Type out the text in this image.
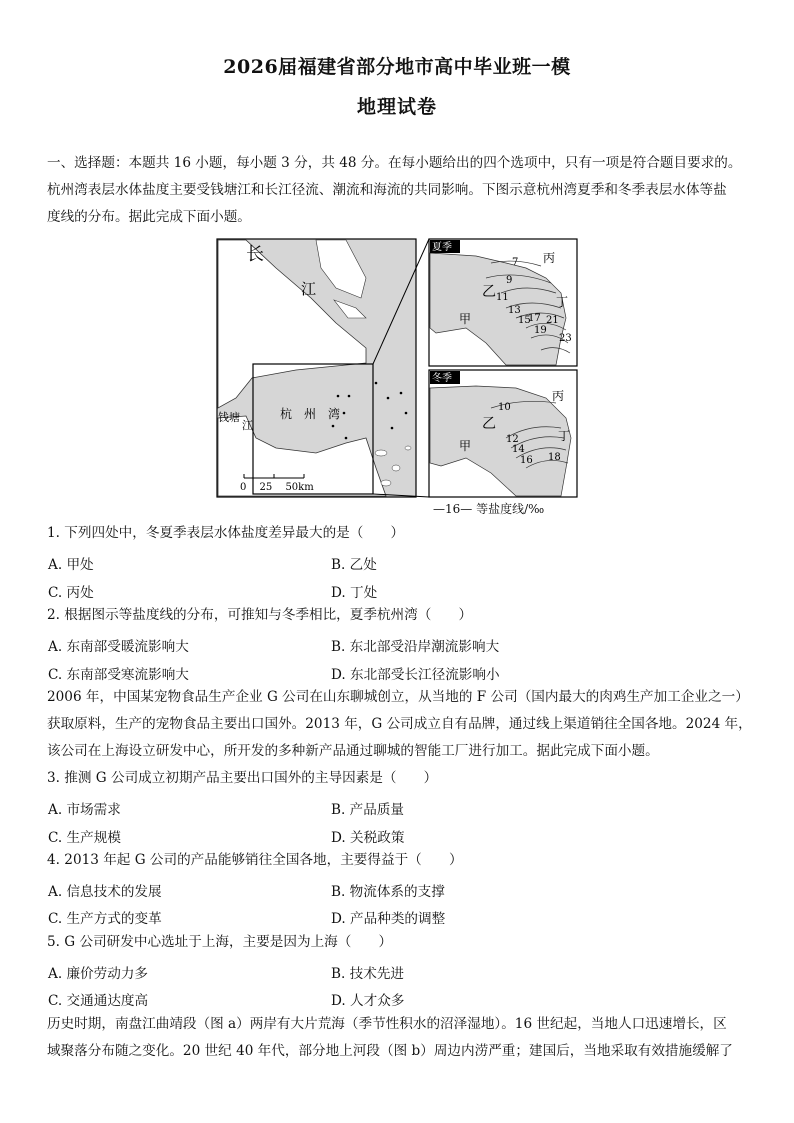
2026届福建省部分地市高中毕业班一模
地理试卷
一、选择题：本题共 16 小题，每小题 3 分，共 48 分。在每小题给出的四个选项中，只有一项是符合题目要求的。
杭州湾表层水体盐度主要受钱塘江和长江径流、潮流和海流的共同影响。下图示意杭州湾夏季和冬季表层水体等盐
度线的分布。据此完成下面小题。
长
江
钱塘
江
杭　州　湾
0　 25 　50km
夏季
7
9
11
13
15
17
19
21
23
丙
乙
甲
丁
冬季
10
12
14
16 18
丙
乙
甲
丁
—16— 等盐度线/‰
1. 下列四处中，冬夏季表层水体盐度差异最大的是（　　）
A. 甲处	B. 乙处
C. 丙处	D. 丁处
2. 根据图示等盐度线的分布，可推知与冬季相比，夏季杭州湾（　　）
A. 东南部受暖流影响大	B. 东北部受沿岸潮流影响大
C. 东南部受寒流影响大	D. 东北部受长江径流影响小
2006 年，中国某宠物食品生产企业 G 公司在山东聊城创立，从当地的 F 公司（国内最大的肉鸡生产加工企业之一）
获取原料，生产的宠物食品主要出口国外。2013 年，G 公司成立自有品牌，通过线上渠道销往全国各地。2024 年，
该公司在上海设立研发中心，所开发的多种新产品通过聊城的智能工厂进行加工。据此完成下面小题。
3. 推测 G 公司成立初期产品主要出口国外的主导因素是（　　）
A. 市场需求	B. 产品质量
C. 生产规模	D. 关税政策
4. 2013 年起 G 公司的产品能够销往全国各地，主要得益于（　　）
A. 信息技术的发展	B. 物流体系的支撑
C. 生产方式的变革	D. 产品种类的调整
5. G 公司研发中心选址于上海，主要是因为上海（　　）
A. 廉价劳动力多	B. 技术先进
C. 交通通达度高	D. 人才众多
历史时期，南盘江曲靖段（图 a）两岸有大片荒海（季节性积水的沼泽湿地）。16 世纪起，当地人口迅速增长，区
域聚落分布随之变化。20 世纪 40 年代，部分地上河段（图 b）周边内涝严重；建国后，当地采取有效措施缓解了
